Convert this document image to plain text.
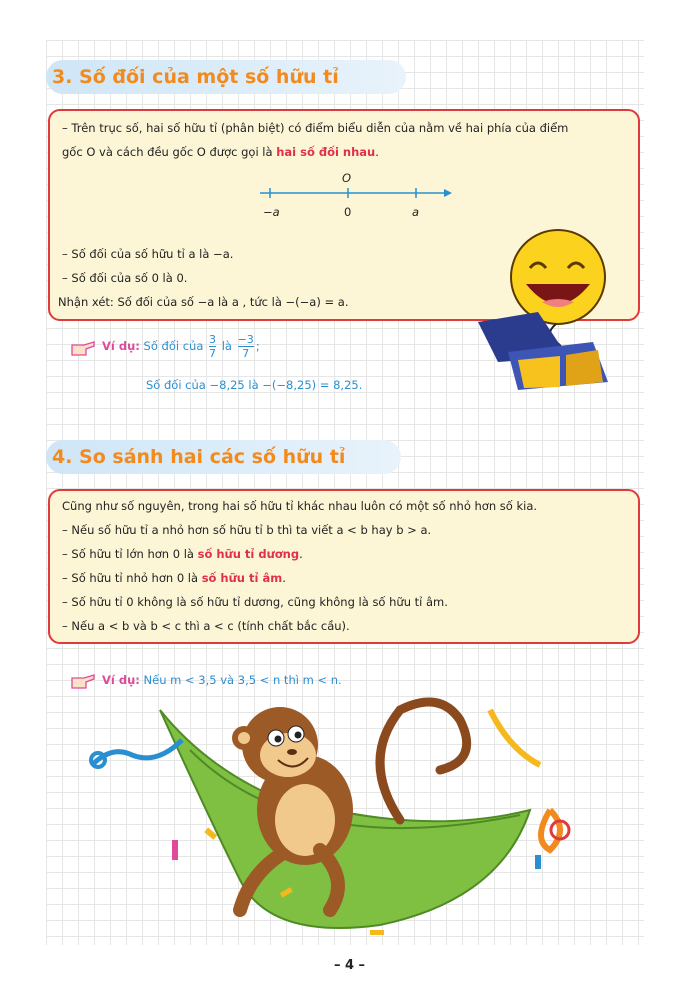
3. Số đối của một số hữu tỉ
– Trên trục số, hai số hữu tỉ (phân biệt) có điểm biểu diễn của nằm về hai phía của điểm
gốc O và cách đều gốc O được gọi là hai số đối nhau.
O
−a	0	a
– Số đối của số hữu tỉ a là −a.
– Số đối của số 0 là 0.
Nhận xét: Số đối của số −a là a , tức là −(−a) = a.
Ví dụ: Số đối của $\frac{3}{7}$ là $\frac{-3}{7}$ ;
Số đối của −8,25 là −(−8,25) = 8,25.
4. So sánh hai các số hữu tỉ
Cũng như số nguyên, trong hai số hữu tỉ khác nhau luôn có một số nhỏ hơn số kia.
– Nếu số hữu tỉ a nhỏ hơn số hữu tỉ b thì ta viết a < b hay b > a.
– Số hữu tỉ lớn hơn 0 là số hữu tỉ dương.
– Số hữu tỉ nhỏ hơn 0 là số hữu tỉ âm.
– Số hữu tỉ 0 không là số hữu tỉ dương, cũng không là số hữu tỉ âm.
– Nếu a < b và b < c thì a < c (tính chất bắc cầu).
Ví dụ: Nếu m < 3,5 và 3,5 < n thì m < n.
– 4 –
